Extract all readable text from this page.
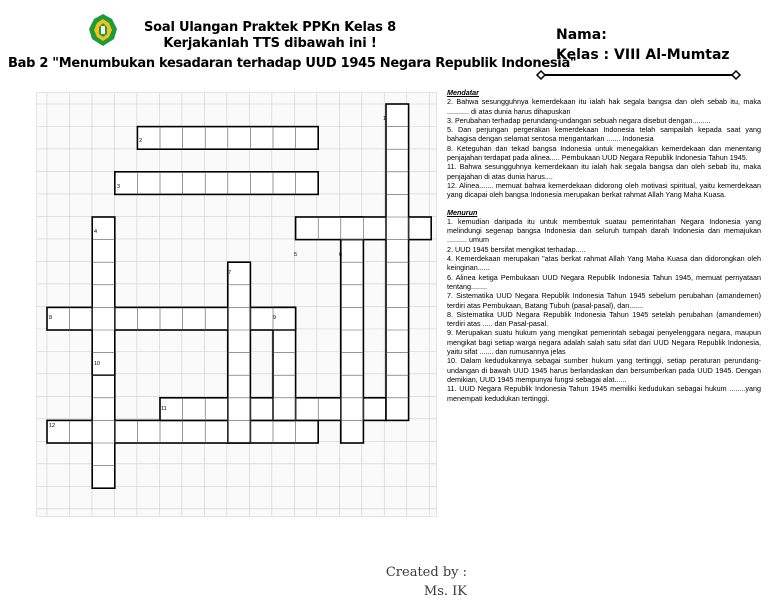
Soal Ulangan Praktek PPKn Kelas 8
Kerjakanlah TTS dibawah ini !
Bab 2 "Menumbukan kesadaran terhadap UUD 1945 Negara Republik Indonesia"
Nama:
Kelas : VIII Al-Mumtaz
1
2
3
4
5	6
7
8	9
10
11
12
Created by :
Ms. IK
Mendatar
2. Bahwa sesungguhnya kemerdekaan itu ialah hak segala bangsa dan oleh sebab itu, maka ........... di atas dunia harus dihapuskan
3. Perubahan terhadap perundang-undangan sebuah negara disebut dengan.........
5. Dan perjungan pergerakan kemerdekaan Indonesia telah sampailah kepada saat yang bahagisa dengan selamat sentosa mengantarkan ....... Indonesia
8. Keteguhan dan tekad bangsa Indonesia untuk menegakkan kemerdekaan dan menentang penjajahan terdapat pada alinea..... Pembukaan UUD Negara Republik Indonesia Tahun 1945.
11. Bahwa sesungguhnya kemerdekaan itu ialah hak segala bangsa dan oleh sebab itu, maka penjajahan di atas dunia harus....
12. Alinea....... memuat bahwa kemerdekaan didorong oleh motivasi spiritual, yaitu kemerdekaan yang dicapai oleh bangsa Indonesia merupakan berkat rahmat Allah Yang Maha Kuasa.
Menurun
1. kemudian daripada itu untuk membentuk suatau pemerintahan Negara Indonesia yang melindungi segenap bangsa Indonesia dan seluruh tumpah darah Indonesia dan memajukan .......... umum
2. UUD 1945 bersifat mengikat terhadap.....
4. Kemerdekaan merupakan "atas berkat rahmat Allah Yang Maha Kuasa dan didorongkan oleh keinginan......
6. Alinea ketiga Pembukaan UUD Negara Republik Indonesia Tahun 1945, memuat pernyataan tentang........
7. Sistematika UUD Negara Republik Indonesia Tahun 1945 sebelum perubahan (amandemen) terdiri atas Pembukaan, Batang Tubuh (pasal-pasal), dan.......
8. Sistematika UUD Negara Republik Indonesia Tahun 1945 setelah perubahan (amandemen) terdiri atas ..... dan Pasal-pasal.
9. Merupakan suatu hukum yang mengikat pemerintah sebagai penyelenggara negara, maupun mengikat bagi setiap warga negara adalah salah satu sifat dari UUD Negara Republik Indonesia, yaitu sifat ....... dan rumusannya jelas
10. Dalam kedudukannya sebagai sumber hukum yang tertinggi, setiap peraturan perundang-undangan di bawah UUD 1945 harus berlandaskan dan bersumberkan pada UUD 1945. Dengan demikian, UUD 1945 mempunyai fungsi sebagai alat......
11. UUD Negara Republik Indonesia Tahun 1945 memiliki kedudukan sebagai hukum ........yang menempati kedudukan tertinggi.
